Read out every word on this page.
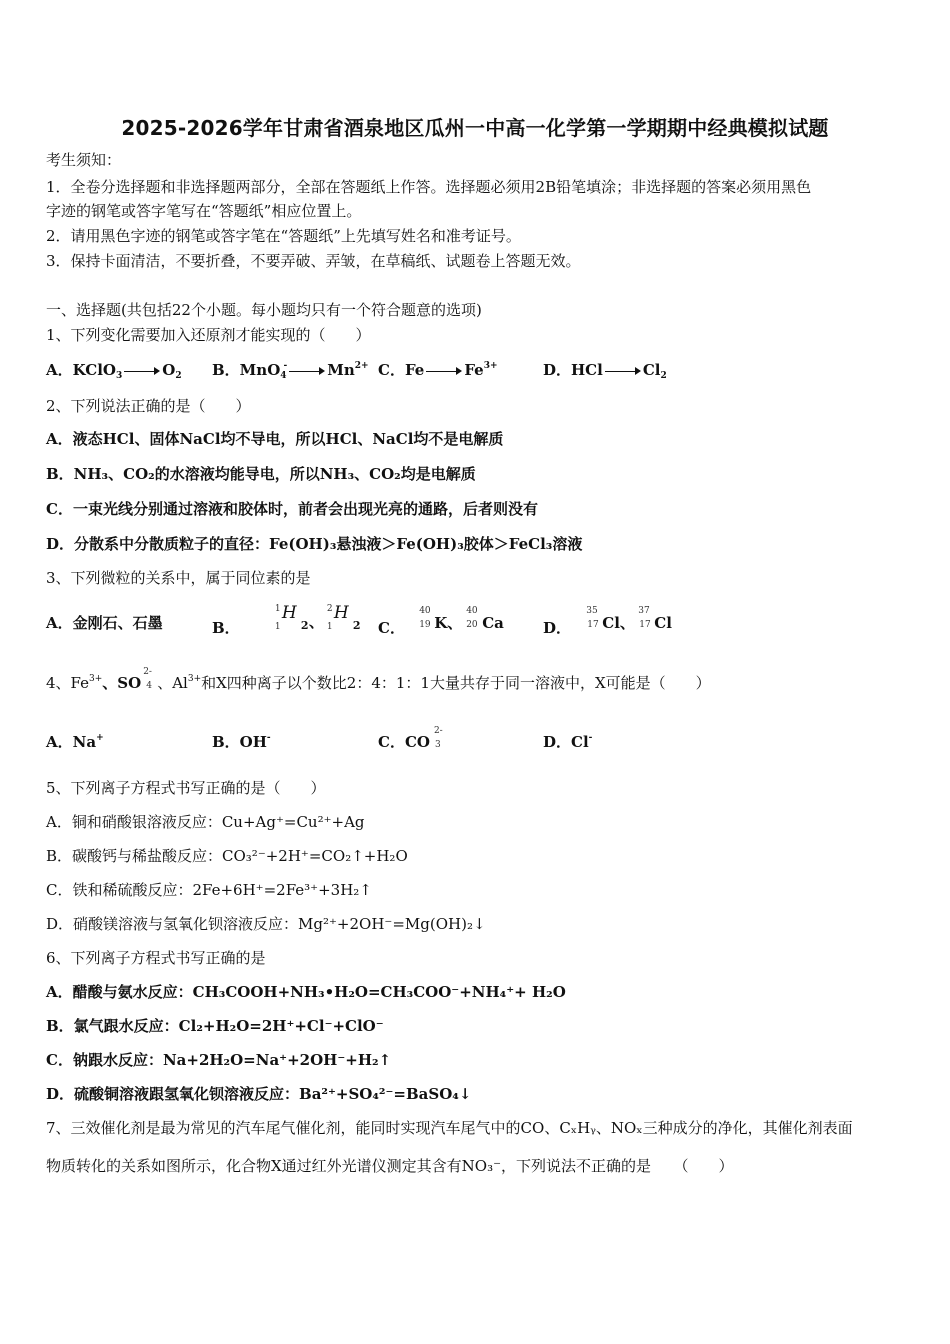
2025-2026学年甘肃省酒泉地区瓜州一中高一化学第一学期期中经典模拟试题
考生须知：
1．全卷分选择题和非选择题两部分，全部在答题纸上作答。选择题必须用2B铅笔填涂；非选择题的答案必须用黑色
字迹的钢笔或答字笔写在“答题纸”相应位置上。
2．请用黑色字迹的钢笔或答字笔在“答题纸”上先填写姓名和准考证号。
3．保持卡面清洁，不要折叠，不要弄破、弄皱，在草稿纸、试题卷上答题无效。
一、选择题(共包括22个小题。每小题均只有一个符合题意的选项)
1、下列变化需要加入还原剂才能实现的（　　）
A．KClO$_3$	$O_2$ B．MnO$_4$-	$Mn^{2+}$ C．Fe	$Fe^{3+}$	D．HCl	$Cl_2$
2、下列说法正确的是（　　）
A．液态HCl、固体NaCl均不导电，所以HCl、NaCl均不是电解质
B．NH₃、CO₂的水溶液均能导电，所以NH₃、CO₂均是电解质
C．一束光线分别通过溶液和胶体时，前者会出现光亮的通路，后者则没有
D．分散系中分散质粒子的直径：Fe(OH)₃悬浊液＞Fe(OH)₃胶体＞FeCl₃溶液
3、下列微粒的关系中，属于同位素的是
A．金刚石、石墨	B．
1
1
H
2 、
2
1
H
2 C．
40
19 K、
40
20 Ca	D．
35
17 Cl、
37
17 Cl
4、$Fe^{3+}$、SO
2-
4 、$Al^{3+}$和X四种离子以个数比2：4：1：1大量共存于同一溶液中，X可能是（　　）
A．Na+	B．OH-	C．CO
2-
3	D．Cl-
5、下列离子方程式书写正确的是（　　）
A．铜和硝酸银溶液反应：Cu+Ag⁺=Cu²⁺+Ag
B．碳酸钙与稀盐酸反应：CO₃²⁻+2H⁺=CO₂↑+H₂O
C．铁和稀硫酸反应：2Fe+6H⁺=2Fe³⁺+3H₂↑
D．硝酸镁溶液与氢氧化钡溶液反应：Mg²⁺+2OH⁻=Mg(OH)₂↓
6、下列离子方程式书写正确的是
A．醋酸与氨水反应：CH₃COOH+NH₃•H₂O=CH₃COO⁻+NH₄⁺+ H₂O
B．氯气跟水反应：Cl₂+H₂O=2H⁺+Cl⁻+ClO⁻
C．钠跟水反应：Na+2H₂O=Na⁺+2OH⁻+H₂↑
D．硫酸铜溶液跟氢氧化钡溶液反应：Ba²⁺+SO₄²⁻=BaSO₄↓
7、三效催化剂是最为常见的汽车尾气催化剂，能同时实现汽车尾气中的CO、CₓHᵧ、NOₓ三种成分的净化，其催化剂表面
物质转化的关系如图所示，化合物X通过红外光谱仪测定其含有NO₃⁻，下列说法不正确的是　　（　　）
